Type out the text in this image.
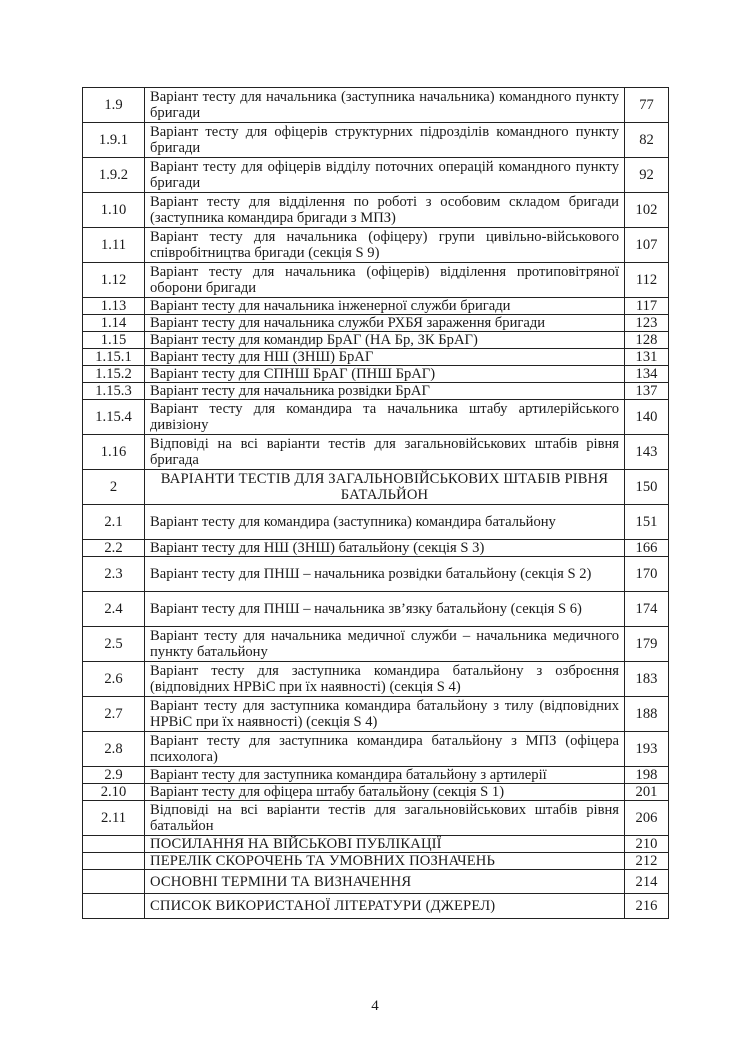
1.9	Варіант тесту для начальника (заступника начальника) командного пункту бригади	77
1.9.1	Варіант тесту для офіцерів структурних підрозділів командного пункту бригади	82
1.9.2	Варіант тесту для офіцерів відділу поточних операцій командного пункту бригади	92
1.10	Варіант тесту для відділення по роботі з особовим складом бригади (заступника командира бригади з МПЗ)	102
1.11	Варіант тесту для начальника (офіцеру) групи цивільно-військового співробітництва бригади (секція S 9)	107
1.12	Варіант тесту для начальника (офіцерів) відділення протиповітряної оборони бригади	112
1.13	Варіант тесту для начальника інженерної служби бригади	117
1.14	Варіант тесту для начальника служби РХБЯ зараження бригади	123
1.15	Варіант тесту для командир БрАГ (НА Бр, ЗК БрАГ)	128
1.15.1	Варіант тесту для НШ (ЗНШ) БрАГ	131
1.15.2	Варіант тесту для СПНШ БрАГ (ПНШ БрАГ)	134
1.15.3	Варіант тесту для начальника розвідки БрАГ	137
1.15.4	Варіант тесту для командира та начальника штабу артилерійського дивізіону	140
1.16	Відповіді на всі варіанти тестів для загальновійськових штабів рівня бригада	143
2	ВАРІАНТИ ТЕСТІВ ДЛЯ ЗАГАЛЬНОВІЙСЬКОВИХ ШТАБІВ РІВНЯ БАТАЛЬЙОН	150
2.1	Варіант тесту для командира (заступника) командира батальйону	151
2.2	Варіант тесту для НШ (ЗНШ) батальйону (секція S 3)	166
2.3	Варіант тесту для ПНШ – начальника розвідки батальйону (секція S 2)	170
2.4	Варіант тесту для ПНШ – начальника зв’язку батальйону (секція S 6)	174
2.5	Варіант тесту для начальника медичної служби – начальника медичного пункту батальйону	179
2.6	Варіант тесту для заступника командира батальйону з озброєння (відповідних НРВіС при їх наявності) (секція S 4)	183
2.7	Варіант тесту для заступника командира батальйону з тилу (відповідних НРВіС при їх наявності) (секція S 4)	188
2.8	Варіант тесту для заступника командира батальйону з МПЗ (офіцера психолога)	193
2.9	Варіант тесту для заступника командира батальйону з артилерії	198
2.10	Варіант тесту для офіцера штабу батальйону (секція S 1)	201
2.11	Відповіді на всі варіанти тестів для загальновійськових штабів рівня батальйон	206
	ПОСИЛАННЯ НА ВІЙСЬКОВІ ПУБЛІКАЦІЇ	210
	ПЕРЕЛІК СКОРОЧЕНЬ ТА УМОВНИХ ПОЗНАЧЕНЬ	212
	ОСНОВНІ ТЕРМІНИ ТА ВИЗНАЧЕННЯ	214
	СПИСОК ВИКОРИСТАНОЇ ЛІТЕРАТУРИ (ДЖЕРЕЛ)	216
4
